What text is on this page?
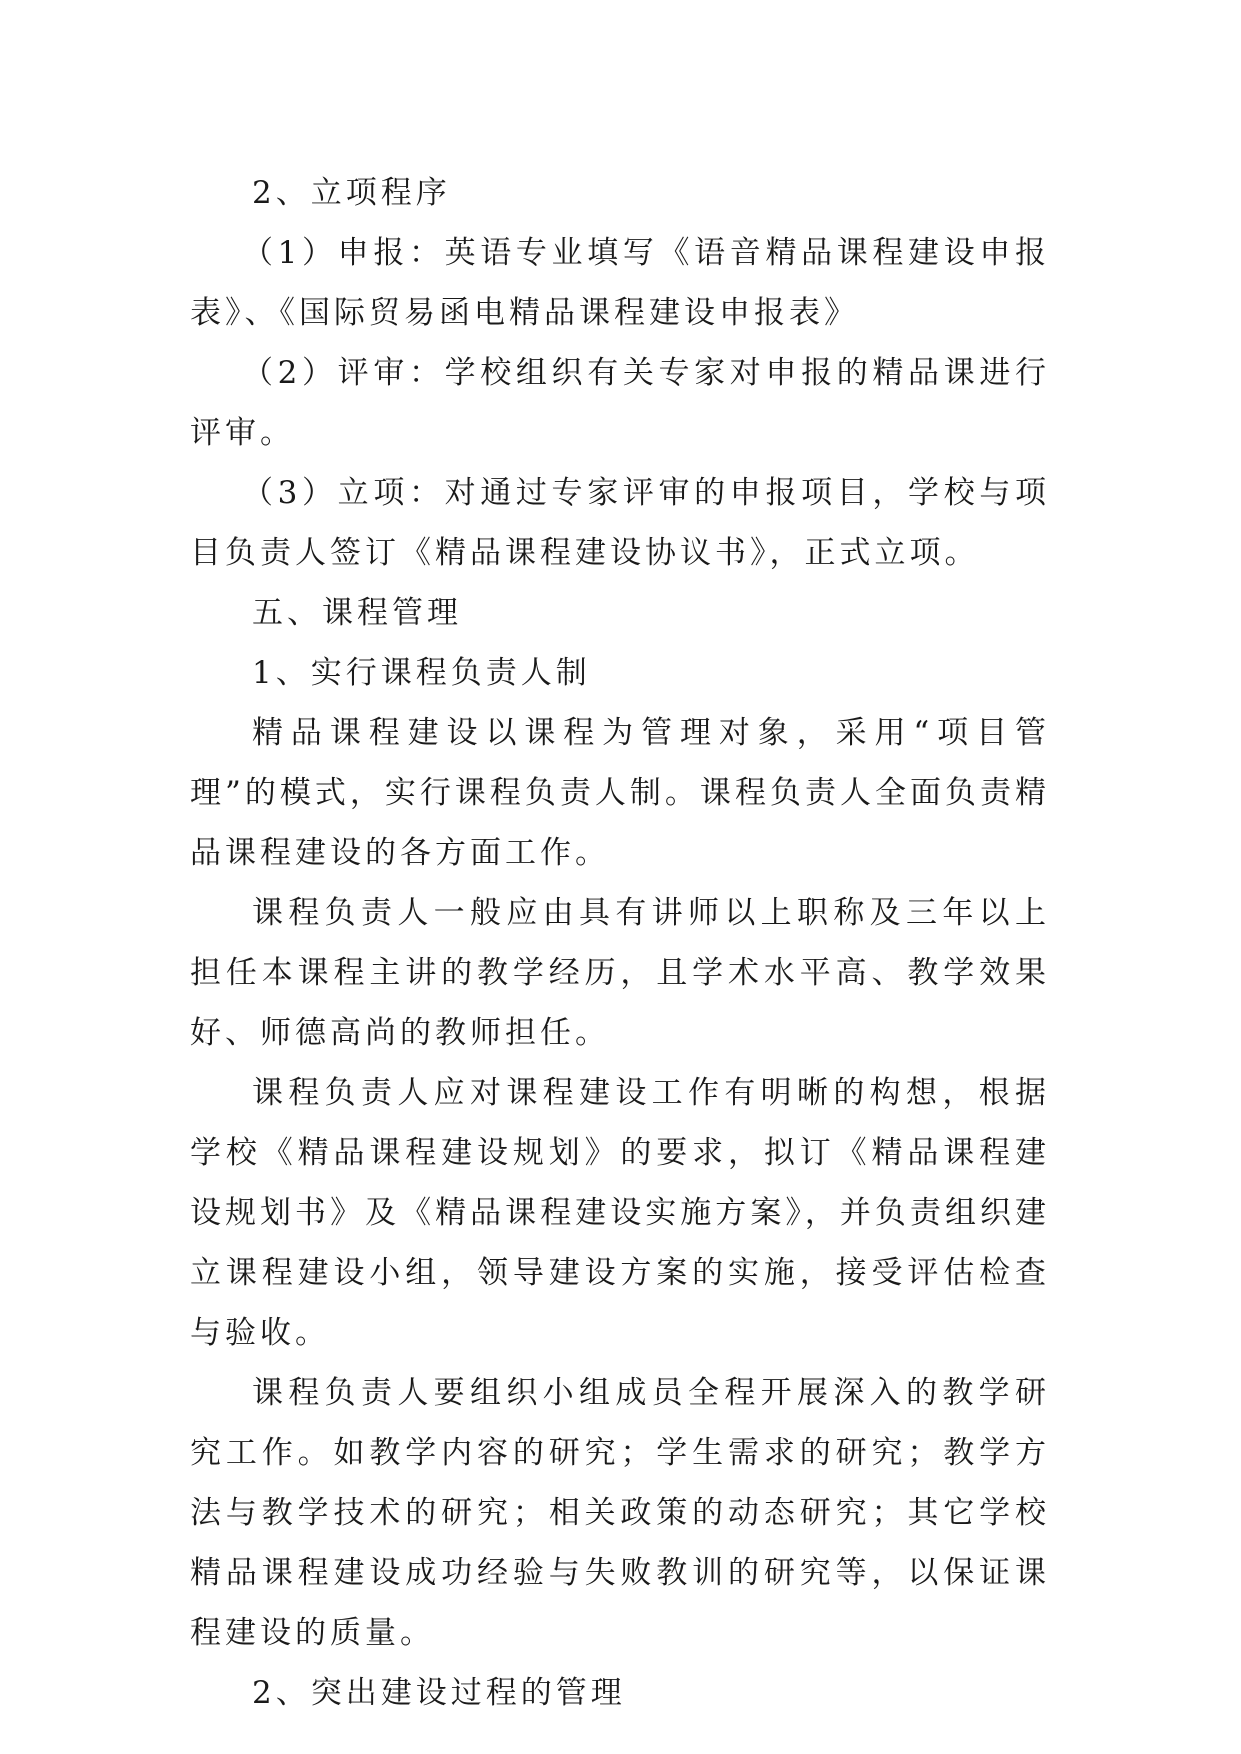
2、立项程序

（1）申报：英语专业填写《语音精品课程建设申报表》、《国际贸易函电精品课程建设申报表》

（2）评审：学校组织有关专家对申报的精品课进行评审。

（3）立项：对通过专家评审的申报项目，学校与项目负责人签订《精品课程建设协议书》，正式立项。

五、课程管理

1、实行课程负责人制

精品课程建设以课程为管理对象，采用“项目管理”的模式，实行课程负责人制。课程负责人全面负责精品课程建设的各方面工作。

课程负责人一般应由具有讲师以上职称及三年以上担任本课程主讲的教学经历，且学术水平高、教学效果好、师德高尚的教师担任。

课程负责人应对课程建设工作有明晰的构想，根据学校《精品课程建设规划》的要求，拟订《精品课程建设规划书》及《精品课程建设实施方案》，并负责组织建立课程建设小组，领导建设方案的实施，接受评估检查与验收。

课程负责人要组织小组成员全程开展深入的教学研究工作。如教学内容的研究；学生需求的研究；教学方法与教学技术的研究；相关政策的动态研究；其它学校精品课程建设成功经验与失败教训的研究等，以保证课程建设的质量。

2、突出建设过程的管理
